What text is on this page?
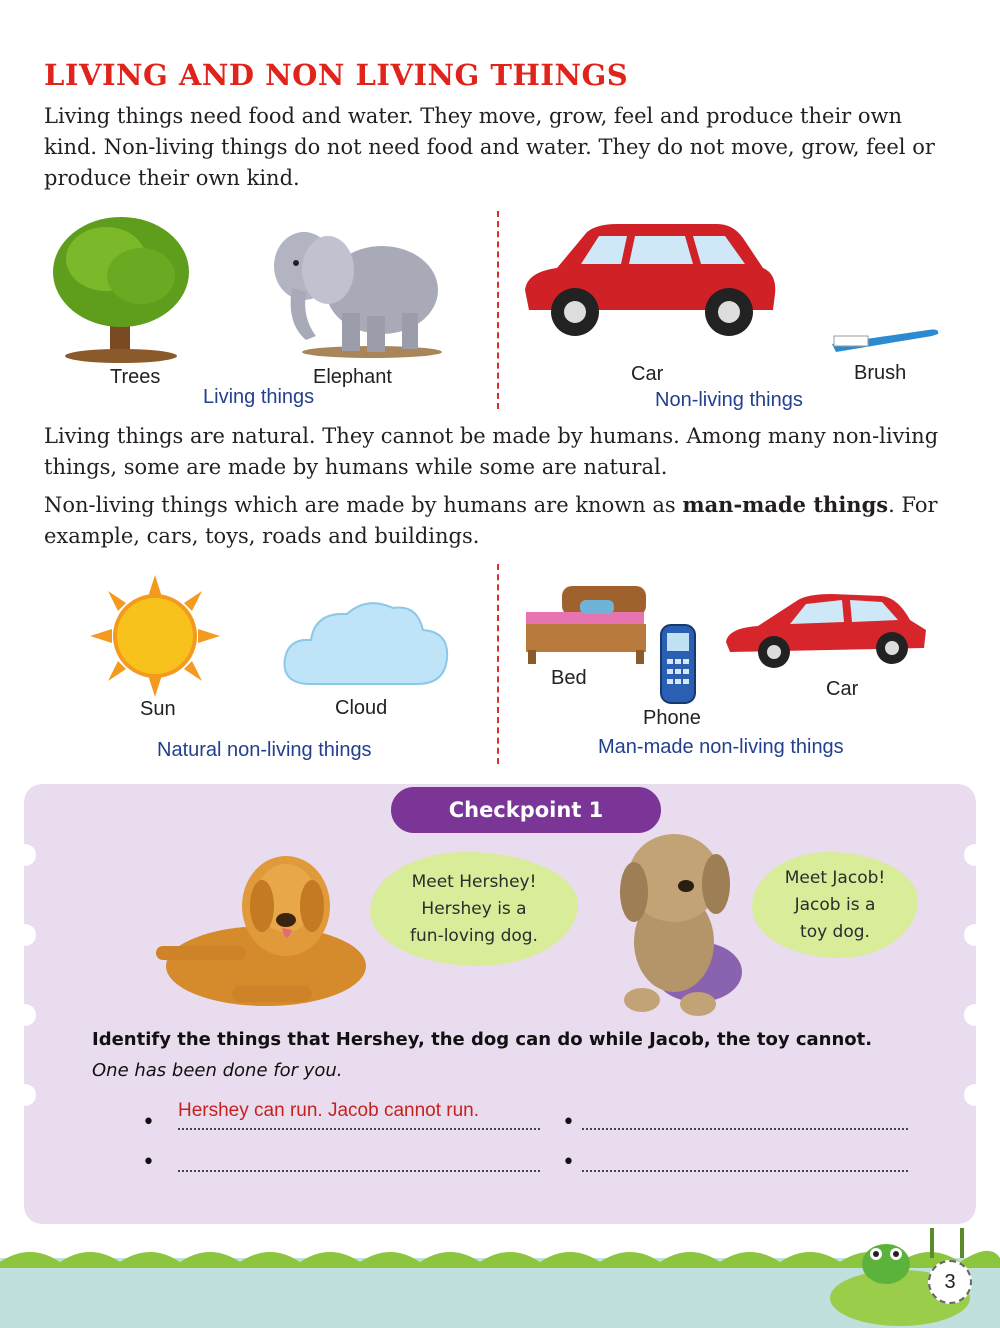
LIVING AND NON LIVING THINGS
Living things need food and water. They move, grow, feel and produce their own kind. Non-living things do not need food and water. They do not move, grow, feel or produce their own kind.
Trees	Elephant	Car	Brush
Living things	Non-living things
Living things are natural. They cannot be made by humans. Among many non-living things, some are made by humans while some are natural.
Non-living things which are made by humans are known as man-made things. For example, cars, toys, roads and buildings.
Sun	Cloud
Bed
Phone
Car
Natural non-living things	Man-made non-living things
Checkpoint 1
Meet Hershey!
Hershey is a
fun-loving dog.
Meet Jacob!
Jacob is a
toy dog.
Identify the things that Hershey, the dog can do while Jacob, the toy cannot.
One has been done for you.
• Hershey can run. Jacob cannot run.	•
•	•
3
